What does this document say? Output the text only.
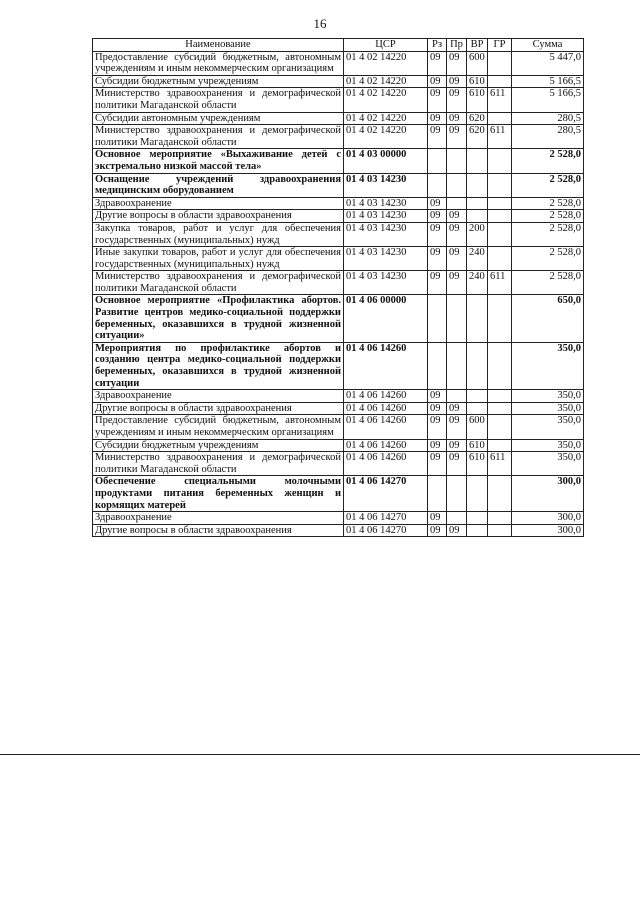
16
Наименование	ЦСР	Рз	Пр	ВР	ГР	Сумма
Предоставление субсидий бюджетным, автономным учреждениям и иным некоммерческим организациям	01 4 02 14220	09	09	600		5 447,0
Субсидии бюджетным учреждениям	01 4 02 14220	09	09	610		5 166,5
Министерство здравоохранения и демографической политики Магаданской области	01 4 02 14220	09	09	610	611	5 166,5
Субсидии автономным учреждениям	01 4 02 14220	09	09	620		280,5
Министерство здравоохранения и демографической политики Магаданской области	01 4 02 14220	09	09	620	611	280,5
Основное мероприятие «Выхаживание детей с экстремально низкой массой тела»	01 4 03 00000					2 528,0
Оснащение учреждений здравоохранения медицинским оборудованием	01 4 03 14230					2 528,0
Здравоохранение	01 4 03 14230	09				2 528,0
Другие вопросы в области здравоохранения	01 4 03 14230	09	09			2 528,0
Закупка товаров, работ и услуг для обеспечения государственных (муниципальных) нужд	01 4 03 14230	09	09	200		2 528,0
Иные закупки товаров, работ и услуг для обеспечения государственных (муниципальных) нужд	01 4 03 14230	09	09	240		2 528,0
Министерство здравоохранения и демографической политики Магаданской области	01 4 03 14230	09	09	240	611	2 528,0
Основное мероприятие «Профилактика абортов. Развитие центров медико-социальной поддержки беременных, оказавшихся в трудной жизненной ситуации»	01 4 06 00000					650,0
Мероприятия по профилактике абортов и созданию центра медико-социальной поддержки беременных, оказавшихся в трудной жизненной ситуации	01 4 06 14260					350,0
Здравоохранение	01 4 06 14260	09				350,0
Другие вопросы в области здравоохранения	01 4 06 14260	09	09			350,0
Предоставление субсидий бюджетным, автономным учреждениям и иным некоммерческим организациям	01 4 06 14260	09	09	600		350,0
Субсидии бюджетным учреждениям	01 4 06 14260	09	09	610		350,0
Министерство здравоохранения и демографической политики Магаданской области	01 4 06 14260	09	09	610	611	350,0
Обеспечение специальными молочными продуктами питания беременных женщин и кормящих матерей	01 4 06 14270					300,0
Здравоохранение	01 4 06 14270	09				300,0
Другие вопросы в области здравоохранения	01 4 06 14270	09	09			300,0
